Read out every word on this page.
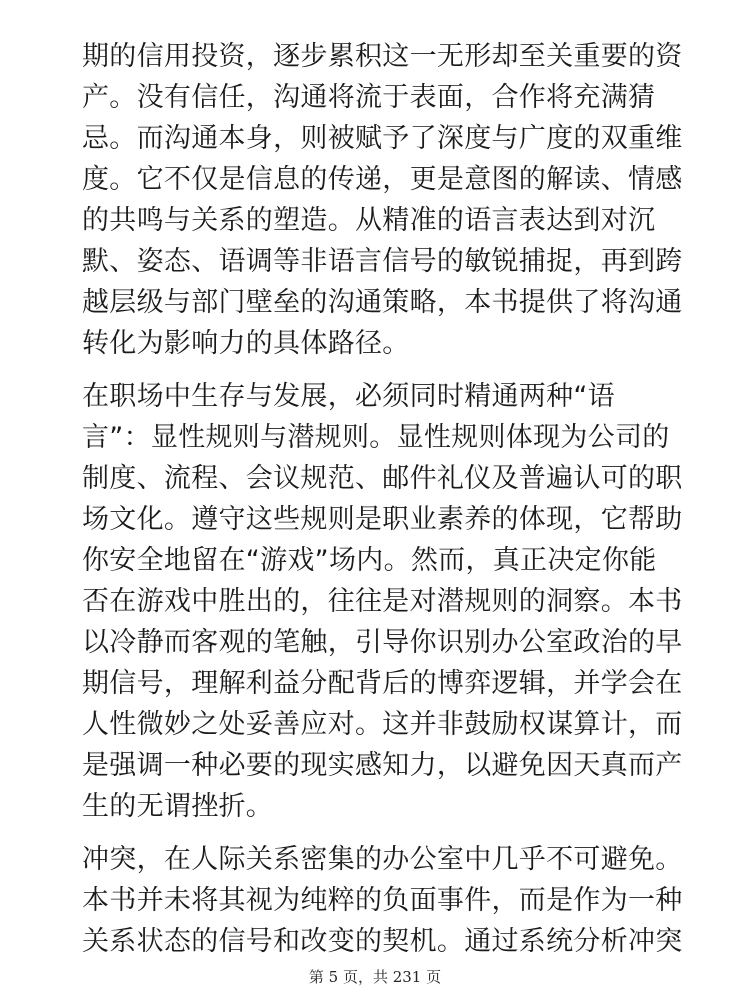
期的信用投资，逐步累积这一无形却至关重要的资
产。没有信任，沟通将流于表面，合作将充满猜
忌。而沟通本身，则被赋予了深度与广度的双重维
度。它不仅是信息的传递，更是意图的解读、情感
的共鸣与关系的塑造。从精准的语言表达到对沉
默、姿态、语调等非语言信号的敏锐捕捉，再到跨
越层级与部门壁垒的沟通策略，本书提供了将沟通
转化为影响力的具体路径。
在职场中生存与发展，必须同时精通两种“语
言”：显性规则与潜规则。显性规则体现为公司的
制度、流程、会议规范、邮件礼仪及普遍认可的职
场文化。遵守这些规则是职业素养的体现，它帮助
你安全地留在“游戏”场内。然而，真正决定你能
否在游戏中胜出的，往往是对潜规则的洞察。本书
以冷静而客观的笔触，引导你识别办公室政治的早
期信号，理解利益分配背后的博弈逻辑，并学会在
人性微妙之处妥善应对。这并非鼓励权谋算计，而
是强调一种必要的现实感知力，以避免因天真而产
生的无谓挫折。
冲突，在人际关系密集的办公室中几乎不可避免。
本书并未将其视为纯粹的负面事件，而是作为一种
关系状态的信号和改变的契机。通过系统分析冲突
第 5 页，共 231 页
